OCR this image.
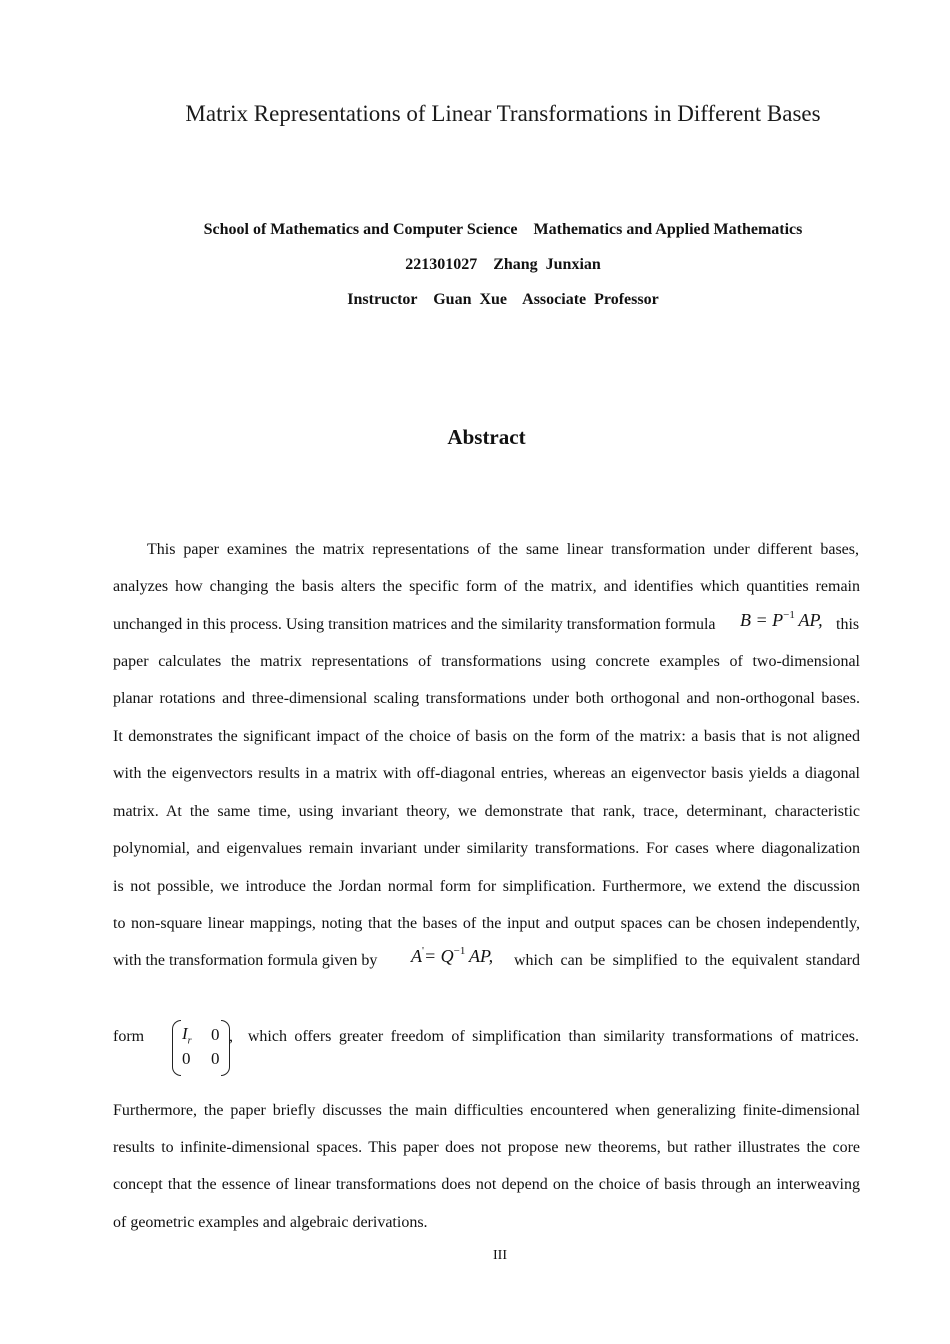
Matrix Representations of Linear Transformations in Different Bases
School of Mathematics and Computer Science    Mathematics and Applied Mathematics
221301027    Zhang  Junxian
Instructor    Guan  Xue    Associate  Professor
Abstract
This paper examines the matrix representations of the same linear transformation under different bases,
analyzes how changing the basis alters the specific form of the matrix, and identifies which quantities remain
unchanged in this process. Using transition matrices and the similarity transformation formula	$B = P^{-1}$  AP, this
paper calculates the matrix representations of transformations using concrete examples of two-dimensional
planar rotations and three-dimensional scaling transformations under both orthogonal and non-orthogonal bases.
It demonstrates the significant impact of the choice of basis on the form of the matrix: a basis that is not aligned
with the eigenvectors results in a matrix with off-diagonal entries, whereas an eigenvector basis yields a diagonal
matrix. At the same time, using invariant theory, we demonstrate that rank, trace, determinant, characteristic
polynomial, and eigenvalues remain invariant under similarity transformations. For cases where diagonalization
is not possible, we introduce the Jordan normal form for simplification. Furthermore, we extend the discussion
to non-square linear mappings, noting that the bases of the input and output spaces can be chosen independently,
with the transformation formula given by $A'= Q^{-1}$  AP, which can be simplified to the equivalent standard
form $I_r$ 0
0 0
,  which offers greater freedom of simplification than similarity transformations of matrices.
Furthermore, the paper briefly discusses the main difficulties encountered when generalizing finite-dimensional
results to infinite-dimensional spaces. This paper does not propose new theorems, but rather illustrates the core
concept that the essence of linear transformations does not depend on the choice of basis through an interweaving
of geometric examples and algebraic derivations.
III
